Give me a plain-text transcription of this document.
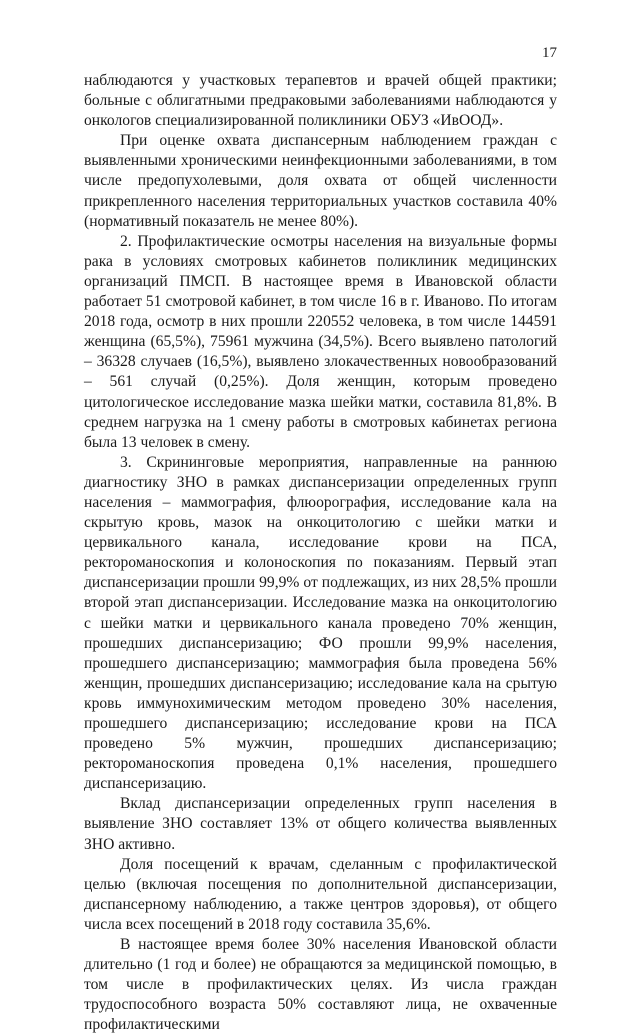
17

наблюдаются у участковых терапевтов и врачей общей практики; больные с облигатными предраковыми заболеваниями наблюдаются у онкологов специализированной поликлиники ОБУЗ «ИвООД».

При оценке охвата диспансерным наблюдением граждан с выявленными хроническими неинфекционными заболеваниями, в том числе предопухолевыми, доля охвата от общей численности прикрепленного населения территориальных участков составила 40% (нормативный показатель не менее 80%).

2. Профилактические осмотры населения на визуальные формы рака в условиях смотровых кабинетов поликлиник медицинских организаций ПМСП. В настоящее время в Ивановской области работает 51 смотровой кабинет, в том числе 16 в г. Иваново. По итогам 2018 года, осмотр в них прошли 220552 человека, в том числе 144591 женщина (65,5%), 75961 мужчина (34,5%). Всего выявлено патологий – 36328 случаев (16,5%), выявлено злокачественных новообразований – 561 случай (0,25%). Доля женщин, которым проведено цитологическое исследование мазка шейки матки, составила 81,8%. В среднем нагрузка на 1 смену работы в смотровых кабинетах региона была 13 человек в смену.

3. Скрининговые мероприятия, направленные на раннюю диагностику ЗНО в рамках диспансеризации определенных групп населения – маммография, флюорография, исследование кала на скрытую кровь, мазок на онкоцитологию с шейки матки и цервикального канала, исследование крови на ПСА, ректороманоскопия и колоноскопия по показаниям. Первый этап диспансеризации прошли 99,9% от подлежащих, из них 28,5% прошли второй этап диспансеризации. Исследование мазка на онкоцитологию с шейки матки и цервикального канала проведено 70% женщин, прошедших диспансеризацию; ФО прошли 99,9% населения, прошедшего диспансеризацию; маммография была проведена 56% женщин, прошедших диспансеризацию; исследование кала на срытую кровь иммунохимическим методом проведено 30% населения, прошедшего диспансеризацию; исследование крови на ПСА проведено 5% мужчин, прошедших диспансеризацию; ректороманоскопия проведена 0,1% населения, прошедшего диспансеризацию.

Вклад диспансеризации определенных групп населения в выявление ЗНО составляет 13% от общего количества выявленных ЗНО активно.

Доля посещений к врачам, сделанным с профилактической целью (включая посещения по дополнительной диспансеризации, диспансерному наблюдению, а также центров здоровья), от общего числа всех посещений в 2018 году составила 35,6%.

В настоящее время более 30% населения Ивановской области длительно (1 год и более) не обращаются за медицинской помощью, в том числе в профилактических целях. Из числа граждан трудоспособного возраста 50% составляют лица, не охваченные профилактическими
